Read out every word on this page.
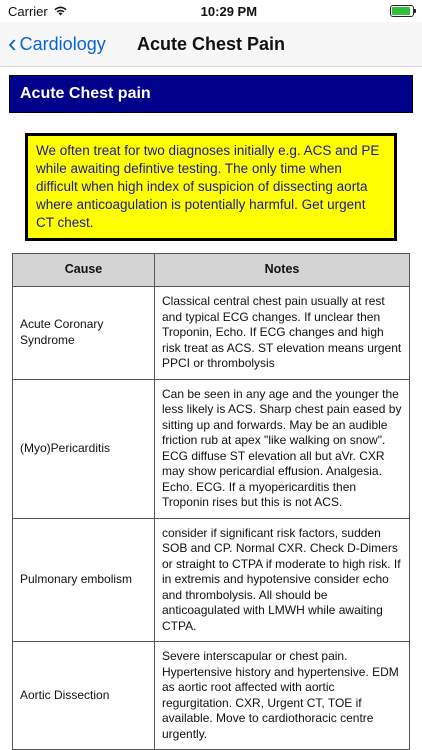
Carrier	10:29 PM
‹ Cardiology	Acute Chest Pain
Acute Chest pain
We often treat for two diagnoses initially e.g. ACS and PE while awaiting defintive testing. The only time when difficult when high index of suspicion of dissecting aorta where anticoagulation is potentially harmful. Get urgent CT chest.
Cause	Notes
Acute Coronary Syndrome	Classical central chest pain usually at rest and typical ECG changes. If unclear then Troponin, Echo. If ECG changes and high risk treat as ACS. ST elevation means urgent PPCI or thrombolysis
(Myo)Pericarditis	Can be seen in any age and the younger the less likely is ACS. Sharp chest pain eased by sitting up and forwards. May be an audible friction rub at apex "like walking on snow". ECG diffuse ST elevation all but aVr. CXR may show pericardial effusion. Analgesia. Echo. ECG. If a myopericarditis then Troponin rises but this is not ACS.
Pulmonary embolism	consider if significant risk factors, sudden SOB and CP. Normal CXR. Check D-Dimers or straight to CTPA if moderate to high risk. If in extremis and hypotensive consider echo and thrombolysis. All should be anticoagulated with LMWH while awaiting CTPA.
Aortic Dissection	Severe interscapular or chest pain. Hypertensive history and hypertensive. EDM as aortic root affected with aortic regurgitation. CXR, Urgent CT, TOE if available. Move to cardiothoracic centre urgently.
